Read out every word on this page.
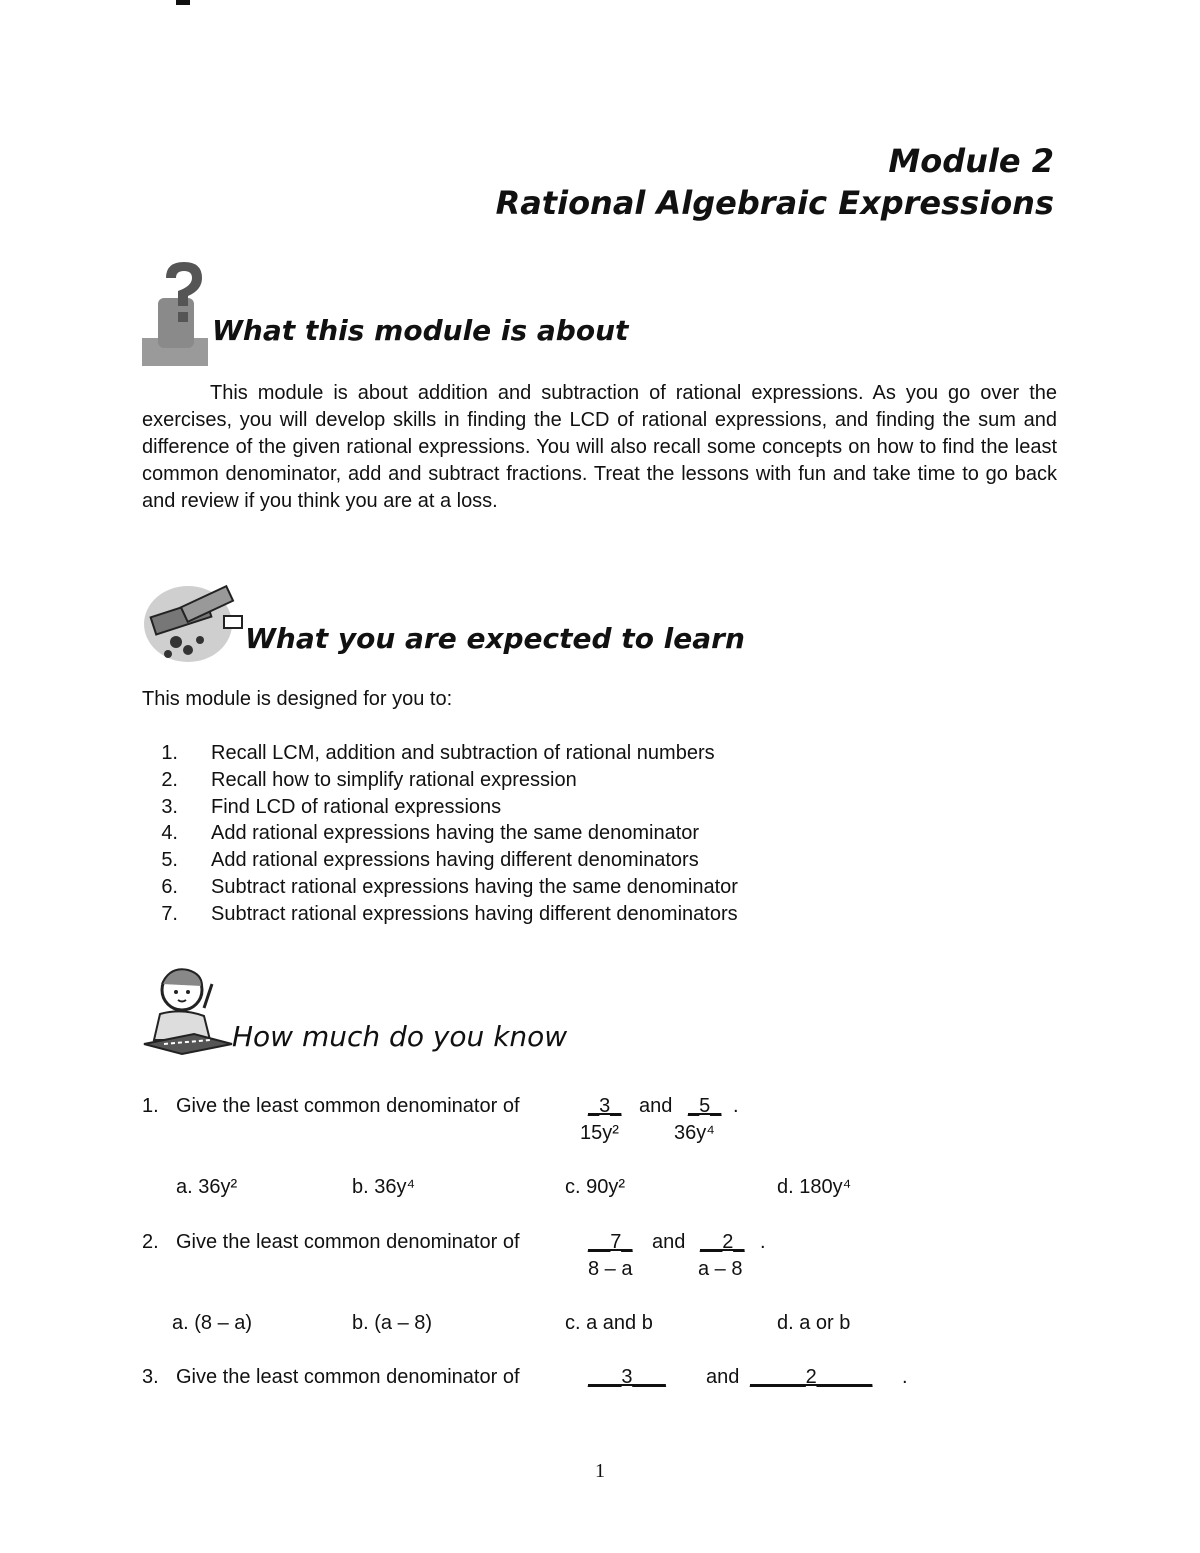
Module 2
Rational Algebraic Expressions
What this module is about

This module is about addition and subtraction of rational expressions. As you go over the exercises, you will develop skills in finding the LCD of rational expressions, and finding the sum and difference of the given rational expressions. You will also recall some concepts on how to find the least common denominator, add and subtract fractions. Treat the lessons with fun and take time to go back and review if you think you are at a loss.

What you are expected to learn
This module is designed for you to:
1. Recall LCM, addition and subtraction of rational numbers
2. Recall how to simplify rational expression
3. Find LCD of rational expressions
4. Add rational expressions having the same denominator
5. Add rational expressions having different denominators
6. Subtract rational expressions having the same denominator
7. Subtract rational expressions having different denominators
How much do you know
1. Give the least common denominator of	_3_ and _5_ .
15y²	36y⁴
a. 36y²	b. 36y⁴	c. 90y²	d. 180y⁴
2. Give the least common denominator of	__7_ and __2_ .
8 – a	a – 8
a. (8 – a)	b. (a – 8)	c. a and b	d. a or b
3. Give the least common denominator of	___3___ and _____2_____ .
1
